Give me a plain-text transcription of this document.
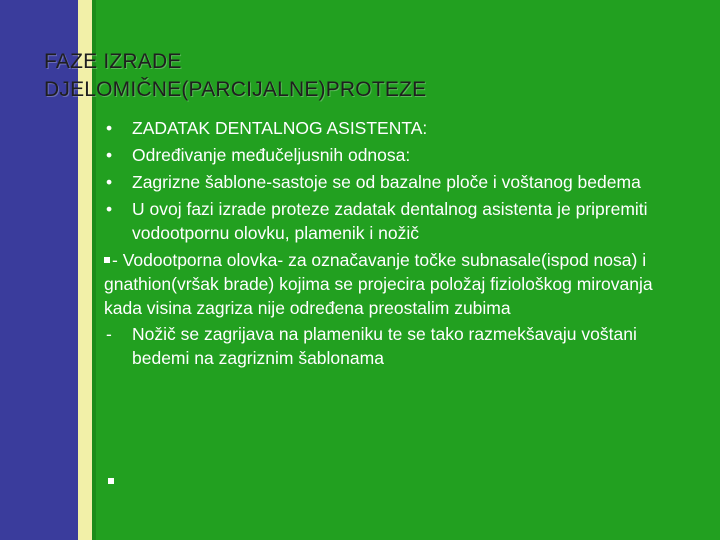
FAZE IZRADE
DJELOMIČNE(PARCIJALNE)PROTEZE
•	ZADATAK DENTALNOG ASISTENTA:
•	Određivanje međučeljusnih odnosa:
•	Zagrizne šablone-sastoje se od bazalne ploče i voštanog bedema
•	U ovoj fazi izrade proteze zadatak dentalnog asistenta je pripremiti
vodootpornu olovku, plamenik i nožič
- Vodootporna olovka- za označavanje točke subnasale(ispod nosa) i
gnathion(vršak brade) kojima se projecira položaj fiziološkog mirovanja
kada visina zagriza nije određena preostalim zubima
-	Nožič se zagrijava na plameniku te se tako razmekšavaju voštani
bedemi na zagriznim šablonama
